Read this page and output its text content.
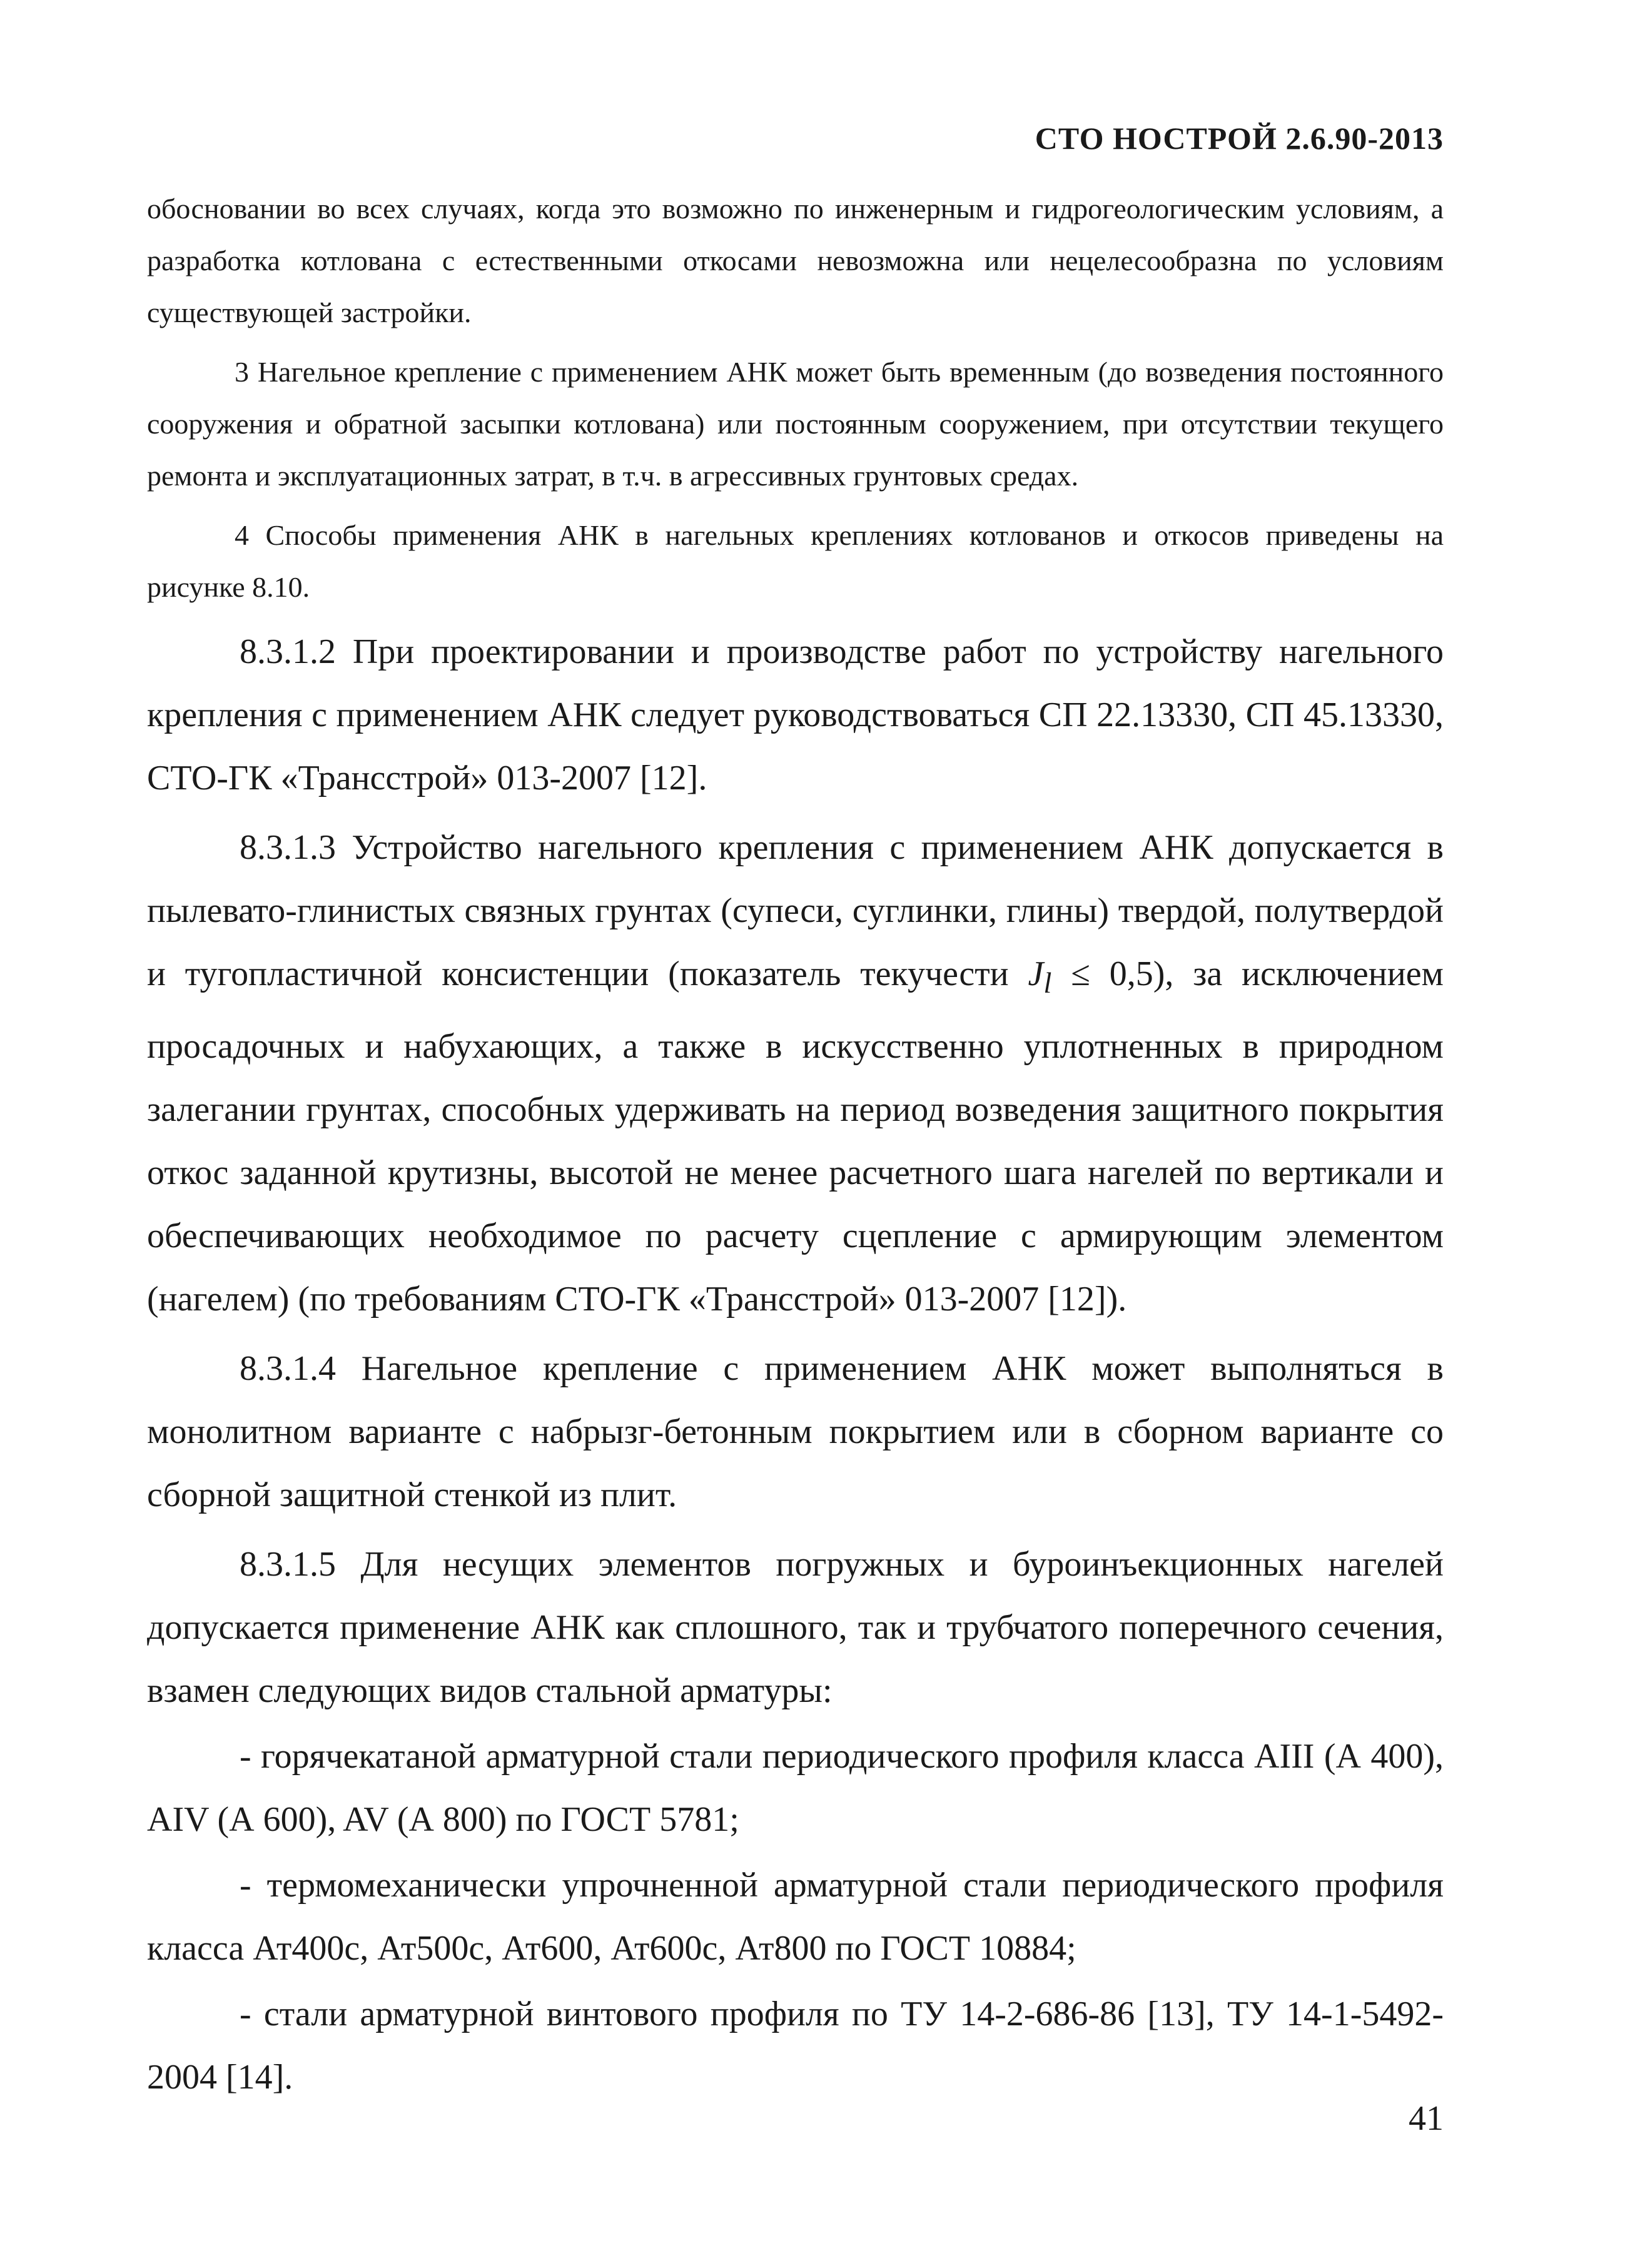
СТО НОСТРОЙ 2.6.90-2013

обосновании во всех случаях, когда это возможно по инженерным и гидрогеологическим условиям, а разработка котлована с естественными откосами невозможна или нецелесообразна по условиям существующей застройки.

3 Нагельное крепление с применением АНК может быть временным (до возведения постоянного сооружения и обратной засыпки котлована) или постоянным сооружением, при отсутствии текущего ремонта и эксплуатационных затрат, в т.ч. в агрессивных грунтовых средах.

4 Способы применения АНК в нагельных креплениях котлованов и откосов приведены на рисунке 8.10.

8.3.1.2 При проектировании и производстве работ по устройству нагельного крепления с применением АНК следует руководствоваться СП 22.13330, СП 45.13330, СТО-ГК «Трансстрой» 013-2007 [12].

8.3.1.3 Устройство нагельного крепления с применением АНК допускается в пылевато-глинистых связных грунтах (супеси, суглинки, глины) твердой, полутвердой и тугопластичной консистенции (показатель текучести $J_l \le 0,5$), за исключением просадочных и набухающих, а также в искусственно уплотненных в природном залегании грунтах, способных удерживать на период возведения защитного покрытия откос заданной крутизны, высотой не менее расчетного шага нагелей по вертикали и обеспечивающих необходимое по расчету сцепление с армирующим элементом (нагелем) (по требованиям СТО-ГК «Трансстрой» 013-2007 [12]).

8.3.1.4 Нагельное крепление с применением АНК может выполняться в монолитном варианте с набрызг-бетонным покрытием или в сборном варианте со сборной защитной стенкой из плит.

8.3.1.5 Для несущих элементов погружных и буроинъекционных нагелей допускается применение АНК как сплошного, так и трубчатого поперечного сечения, взамен следующих видов стальной арматуры:

- горячекатаной арматурной стали периодического профиля класса AIII (А 400), AIV (А 600), AV (А 800) по ГОСТ 5781;

- термомеханически упрочненной арматурной стали периодического профиля класса Ат400с, Ат500с, Ат600, Ат600с, Ат800 по ГОСТ 10884;

- стали арматурной винтового профиля по ТУ 14-2-686-86 [13], ТУ 14-1-5492-2004 [14].

41
